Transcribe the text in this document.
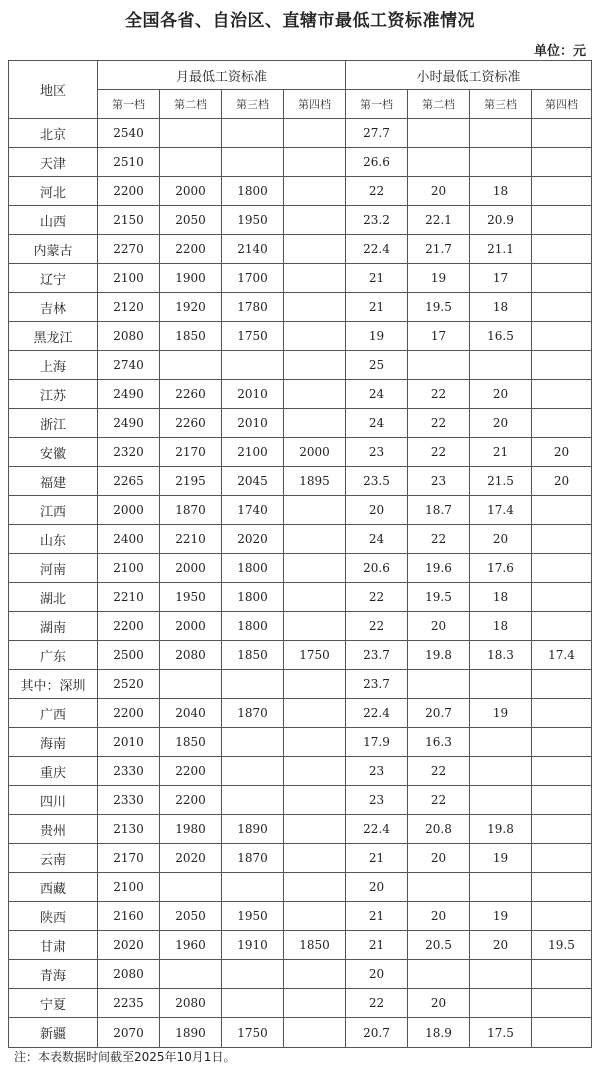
全国各省、自治区、直辖市最低工资标准情况
单位：元
地区	月最低工资标准				小时最低工资标准			
	第一档	第二档	第三档	第四档	第一档	第二档	第三档	第四档
北京	2540				27.7			
天津	2510				26.6			
河北	2200	2000	1800		22	20	18	
山西	2150	2050	1950		23.2	22.1	20.9	
内蒙古	2270	2200	2140		22.4	21.7	21.1	
辽宁	2100	1900	1700		21	19	17	
吉林	2120	1920	1780		21	19.5	18	
黑龙江	2080	1850	1750		19	17	16.5	
上海	2740				25			
江苏	2490	2260	2010		24	22	20	
浙江	2490	2260	2010		24	22	20	
安徽	2320	2170	2100	2000	23	22	21	20
福建	2265	2195	2045	1895	23.5	23	21.5	20
江西	2000	1870	1740		20	18.7	17.4	
山东	2400	2210	2020		24	22	20	
河南	2100	2000	1800		20.6	19.6	17.6	
湖北	2210	1950	1800		22	19.5	18	
湖南	2200	2000	1800		22	20	18	
广东	2500	2080	1850	1750	23.7	19.8	18.3	17.4
其中：深圳	2520				23.7			
广西	2200	2040	1870		22.4	20.7	19	
海南	2010	1850			17.9	16.3		
重庆	2330	2200			23	22		
四川	2330	2200			23	22		
贵州	2130	1980	1890		22.4	20.8	19.8	
云南	2170	2020	1870		21	20	19	
西藏	2100				20			
陕西	2160	2050	1950		21	20	19	
甘肃	2020	1960	1910	1850	21	20.5	20	19.5
青海	2080				20			
宁夏	2235	2080			22	20		
新疆	2070	1890	1750		20.7	18.9	17.5	
注：本表数据时间截至2025年10月1日。
